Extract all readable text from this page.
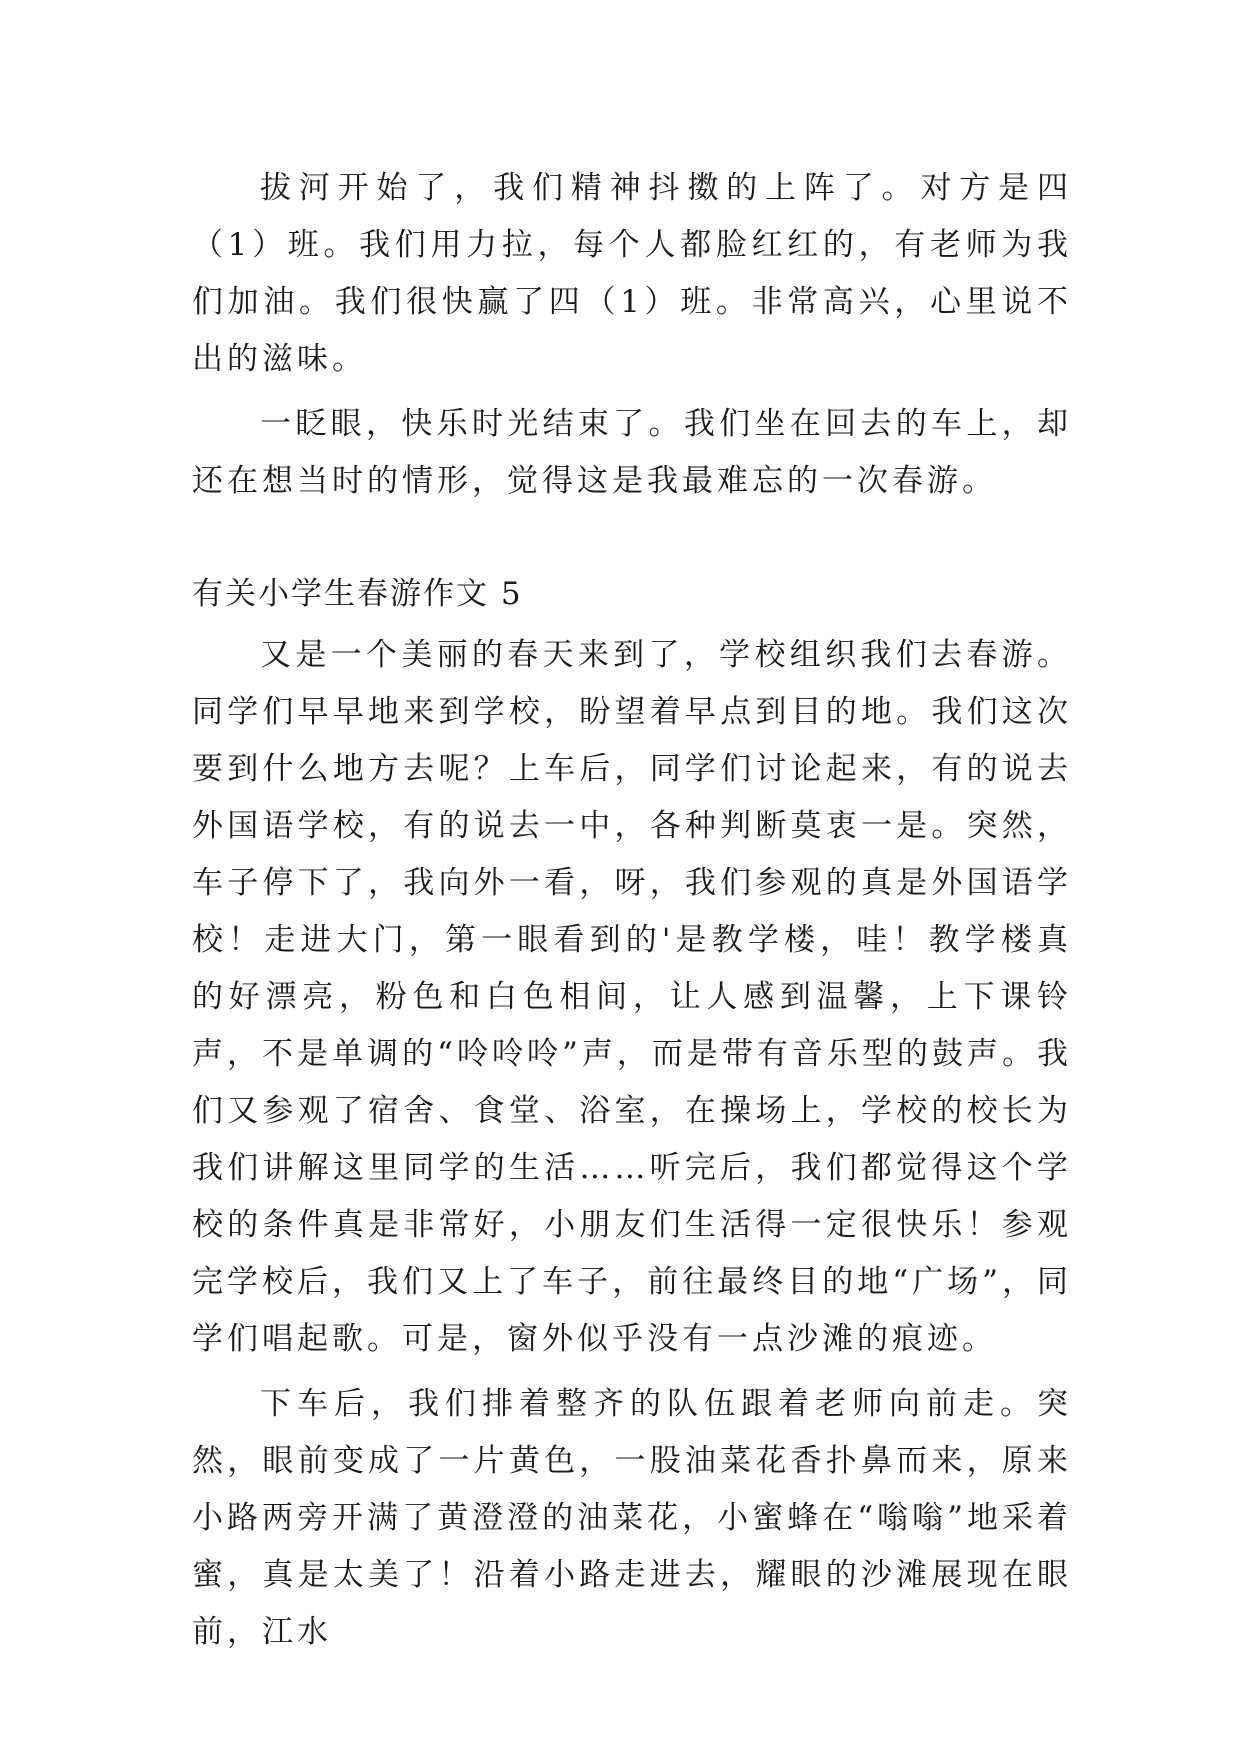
拔河开始了，我们精神抖擞的上阵了。对方是四（1）班。我们用力拉，每个人都脸红红的，有老师为我们加油。我们很快赢了四（1）班。非常高兴，心里说不出的滋味。

一眨眼，快乐时光结束了。我们坐在回去的车上，却还在想当时的情形，觉得这是我最难忘的一次春游。

有关小学生春游作文 5

又是一个美丽的春天来到了，学校组织我们去春游。同学们早早地来到学校，盼望着早点到目的地。我们这次要到什么地方去呢？上车后，同学们讨论起来，有的说去外国语学校，有的说去一中，各种判断莫衷一是。突然，车子停下了，我向外一看，呀，我们参观的真是外国语学校！走进大门，第一眼看到的'是教学楼，哇！教学楼真的好漂亮，粉色和白色相间，让人感到温馨，上下课铃声，不是单调的“呤呤呤”声，而是带有音乐型的鼓声。我们又参观了宿舍、食堂、浴室，在操场上，学校的校长为我们讲解这里同学的生活……听完后，我们都觉得这个学校的条件真是非常好，小朋友们生活得一定很快乐！参观完学校后，我们又上了车子，前往最终目的地“广场”，同学们唱起歌。可是，窗外似乎没有一点沙滩的痕迹。

下车后，我们排着整齐的队伍跟着老师向前走。突然，眼前变成了一片黄色，一股油菜花香扑鼻而来，原来小路两旁开满了黄澄澄的油菜花，小蜜蜂在“嗡嗡”地采着蜜，真是太美了！沿着小路走进去，耀眼的沙滩展现在眼前，江水
